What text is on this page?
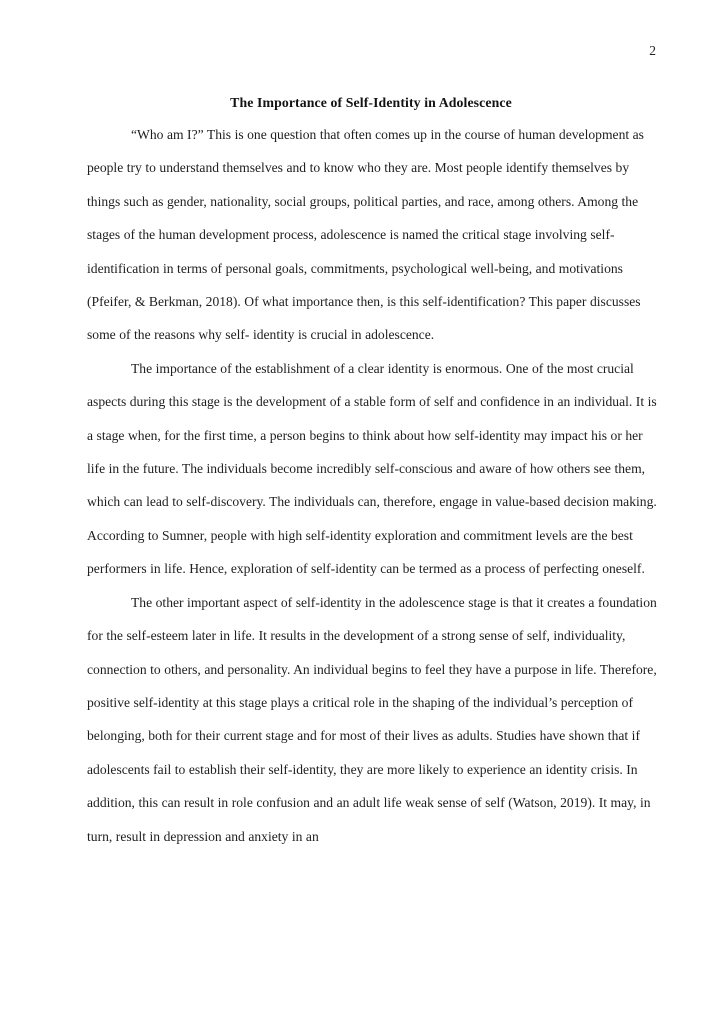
2
The Importance of Self-Identity in Adolescence

“Who am I?” This is one question that often comes up in the course of human development as people try to understand themselves and to know who they are. Most people identify themselves by things such as gender, nationality, social groups, political parties, and race, among others. Among the stages of the human development process, adolescence is named the critical stage involving self-identification in terms of personal goals, commitments, psychological well-being, and motivations (Pfeifer, & Berkman, 2018). Of what importance then, is this self-identification? This paper discusses some of the reasons why self- identity is crucial in adolescence.

The importance of the establishment of a clear identity is enormous. One of the most crucial aspects during this stage is the development of a stable form of self and confidence in an individual. It is a stage when, for the first time, a person begins to think about how self-identity may impact his or her life in the future. The individuals become incredibly self-conscious and aware of how others see them, which can lead to self-discovery. The individuals can, therefore, engage in value-based decision making. According to Sumner, people with high self-identity exploration and commitment levels are the best performers in life. Hence, exploration of self-identity can be termed as a process of perfecting oneself.

The other important aspect of self-identity in the adolescence stage is that it creates a foundation for the self-esteem later in life. It results in the development of a strong sense of self, individuality, connection to others, and personality. An individual begins to feel they have a purpose in life. Therefore, positive self-identity at this stage plays a critical role in the shaping of the individual’s perception of belonging, both for their current stage and for most of their lives as adults. Studies have shown that if adolescents fail to establish their self-identity, they are more likely to experience an identity crisis. In addition, this can result in role confusion and an adult life weak sense of self (Watson, 2019). It may, in turn, result in depression and anxiety in an
